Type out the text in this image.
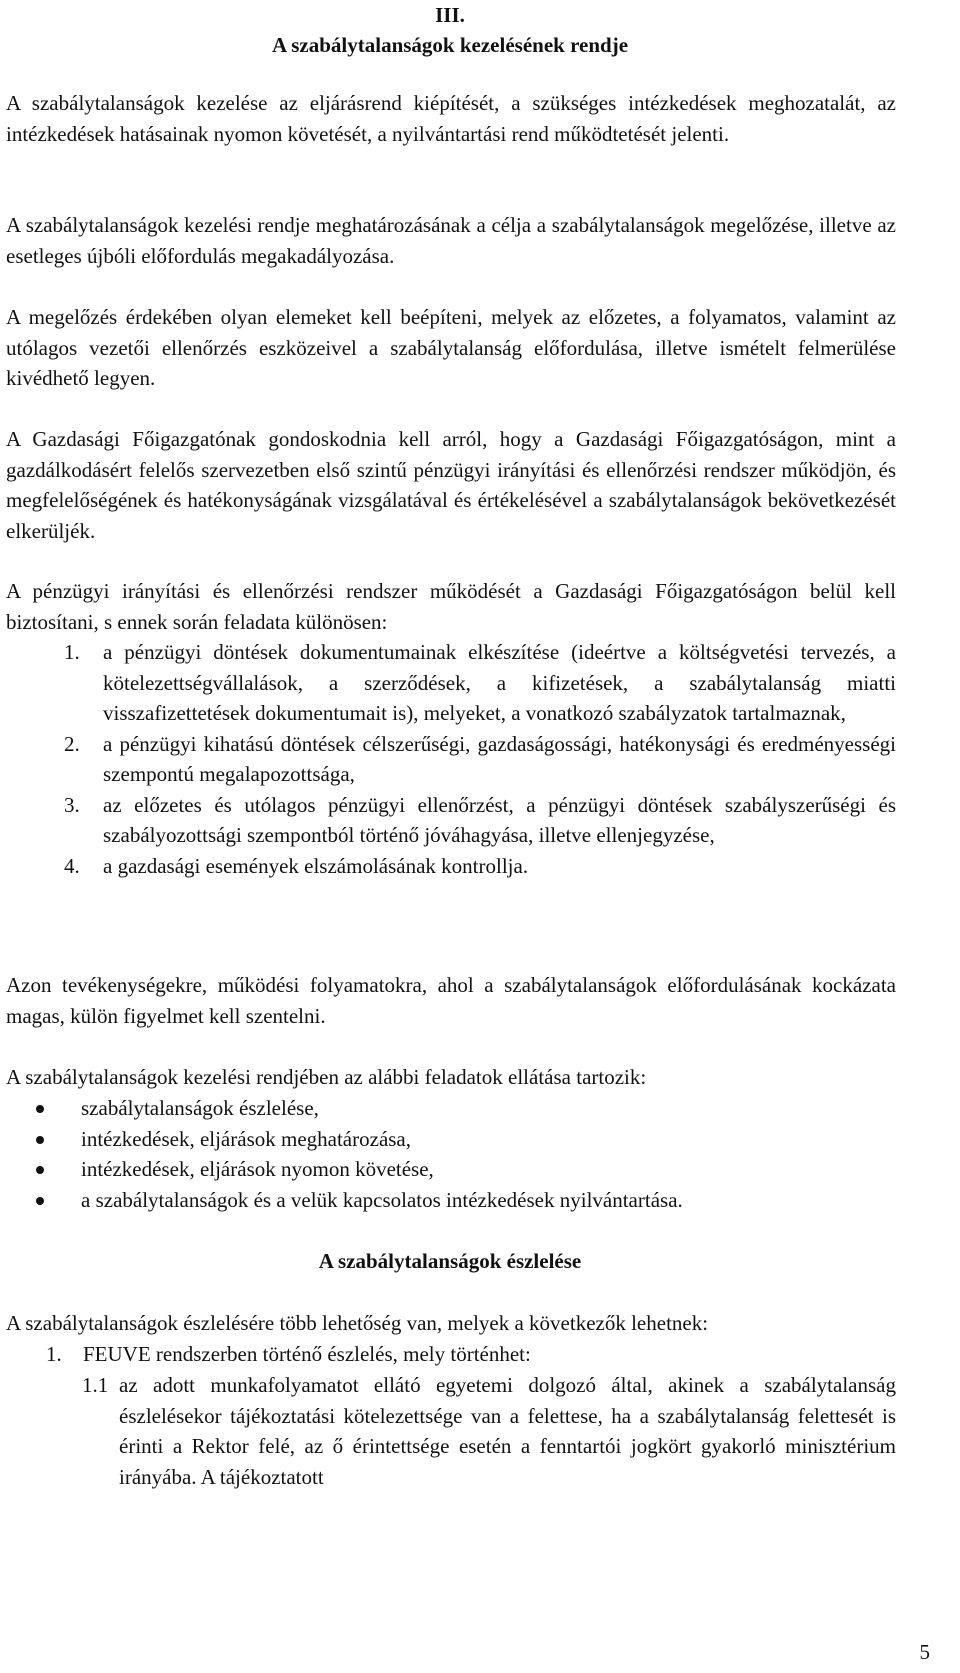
III.
A szabálytalanságok kezelésének rendje

A szabálytalanságok kezelése az eljárásrend kiépítését, a szükséges intézkedések meghozatalát, az intézkedések hatásainak nyomon követését, a nyilvántartási rend működtetését jelenti.

A szabálytalanságok kezelési rendje meghatározásának a célja a szabálytalanságok megelőzése, illetve az esetleges újbóli előfordulás megakadályozása.

A megelőzés érdekében olyan elemeket kell beépíteni, melyek az előzetes, a folyamatos, valamint az utólagos vezetői ellenőrzés eszközeivel a szabálytalanság előfordulása, illetve ismételt felmerülése kivédhető legyen.

A Gazdasági Főigazgatónak gondoskodnia kell arról, hogy a Gazdasági Főigazgatóságon, mint a gazdálkodásért felelős szervezetben első szintű pénzügyi irányítási és ellenőrzési rendszer működjön, és megfelelőségének és hatékonyságának vizsgálatával és értékelésével a szabálytalanságok bekövetkezését elkerüljék.

A pénzügyi irányítási és ellenőrzési rendszer működését a Gazdasági Főigazgatóságon belül kell biztosítani, s ennek során feladata különösen:

1. a pénzügyi döntések dokumentumainak elkészítése (ideértve a költségvetési tervezés, a kötelezettségvállalások, a szerződések, a kifizetések, a szabálytalanság miatti visszafizettetések dokumentumait is), melyeket, a vonatkozó szabályzatok tartalmaznak,
2. a pénzügyi kihatású döntések célszerűségi, gazdaságossági, hatékonysági és eredményességi szempontú megalapozottsága,
3. az előzetes és utólagos pénzügyi ellenőrzést, a pénzügyi döntések szabályszerűségi és szabályozottsági szempontból történő jóváhagyása, illetve ellenjegyzése,
4. a gazdasági események elszámolásának kontrollja.

Azon tevékenységekre, működési folyamatokra, ahol a szabálytalanságok előfordulásának kockázata magas, külön figyelmet kell szentelni.

A szabálytalanságok kezelési rendjében az alábbi feladatok ellátása tartozik:

szabálytalanságok észlelése,
intézkedések, eljárások meghatározása,
intézkedések, eljárások nyomon követése,
a szabálytalanságok és a velük kapcsolatos intézkedések nyilvántartása.
A szabálytalanságok észlelése

A szabálytalanságok észlelésére több lehetőség van, melyek a következők lehetnek:

1. FEUVE rendszerben történő észlelés, mely történhet:
1.1 az adott munkafolyamatot ellátó egyetemi dolgozó által, akinek a szabálytalanság észlelésekor tájékoztatási kötelezettsége van a felettese, ha a szabálytalanság felettesét is érinti a Rektor felé, az ő érintettsége esetén a fenntartói jogkört gyakorló minisztérium irányába. A tájékoztatott
5
